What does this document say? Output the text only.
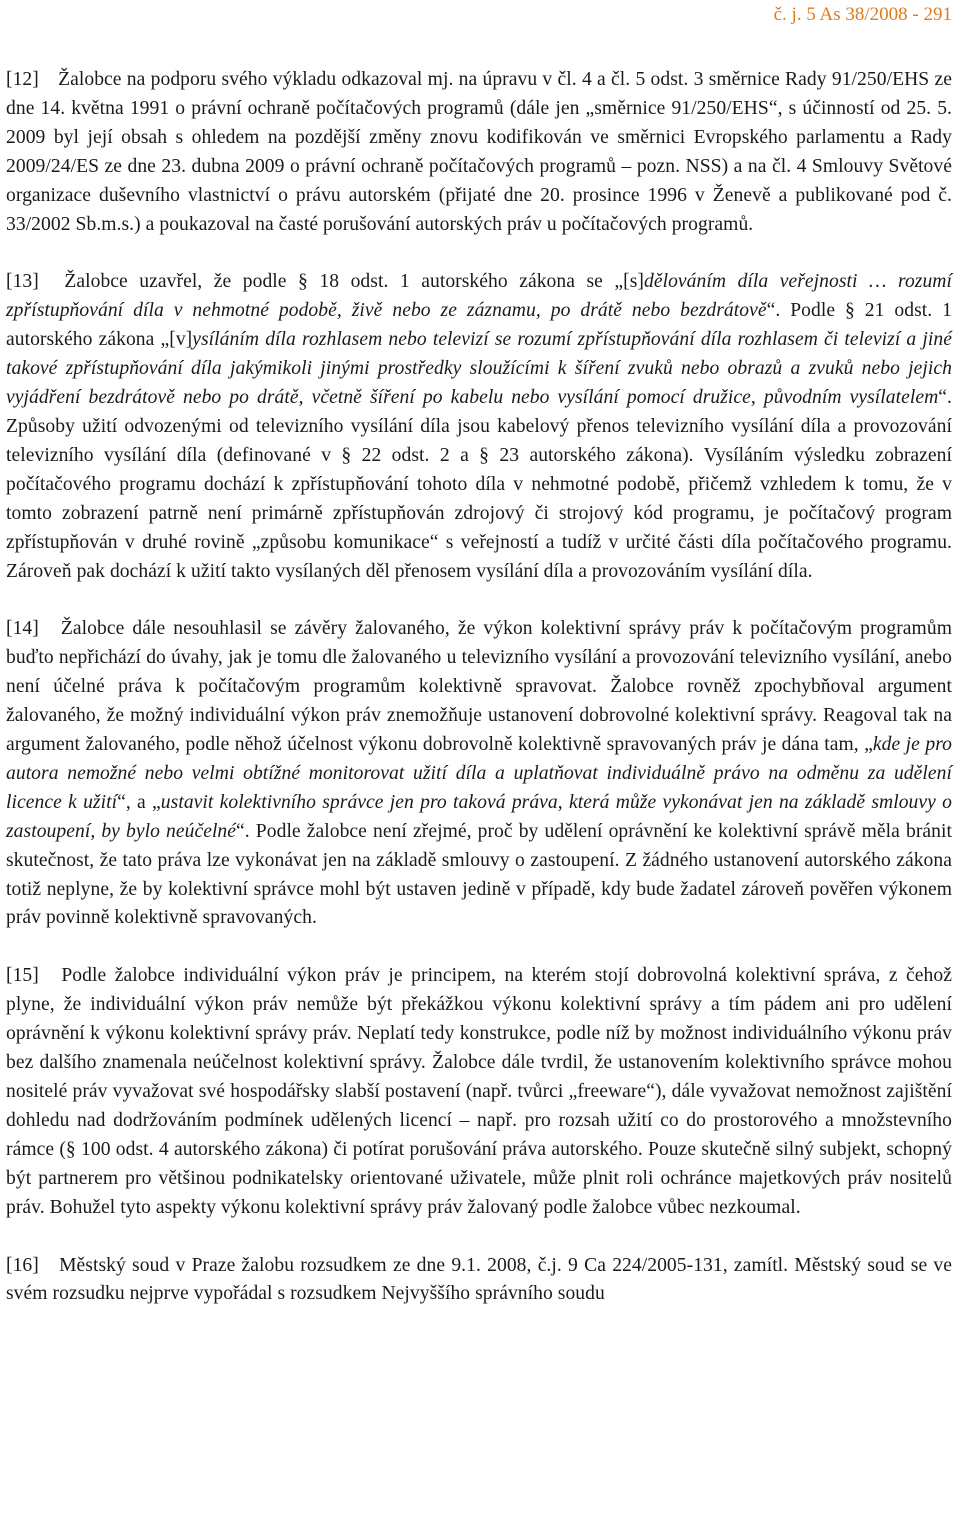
č. j. 5 As 38/2008 - 291

[12] Žalobce na podporu svého výkladu odkazoval mj. na úpravu v čl. 4 a čl. 5 odst. 3 směrnice Rady 91/250/EHS ze dne 14. května 1991 o právní ochraně počítačových programů (dále jen „směrnice 91/250/EHS“, s účinností od 25. 5. 2009 byl její obsah s ohledem na pozdější změny znovu kodifikován ve směrnici Evropského parlamentu a Rady 2009/24/ES ze dne 23. dubna 2009 o právní ochraně počítačových programů – pozn. NSS) a na čl. 4 Smlouvy Světové organizace duševního vlastnictví o právu autorském (přijaté dne 20. prosince 1996 v Ženevě a publikované pod č. 33/2002 Sb.m.s.) a poukazoval na časté porušování autorských práv u počítačových programů.

[13] Žalobce uzavřel, že podle § 18 odst. 1 autorského zákona se „[s]dělováním díla veřejnosti … rozumí zpřístupňování díla v nehmotné podobě, živě nebo ze záznamu, po drátě nebo bezdrátově“. Podle § 21 odst. 1 autorského zákona „[v]ysíláním díla rozhlasem nebo televizí se rozumí zpřístupňování díla rozhlasem či televizí a jiné takové zpřístupňování díla jakýmikoli jinými prostředky sloužícími k šíření zvuků nebo obrazů a zvuků nebo jejich vyjádření bezdrátově nebo po drátě, včetně šíření po kabelu nebo vysílání pomocí družice, původním vysílatelem“. Způsoby užití odvozenými od televizního vysílání díla jsou kabelový přenos televizního vysílání díla a provozování televizního vysílání díla (definované v § 22 odst. 2 a § 23 autorského zákona). Vysíláním výsledku zobrazení počítačového programu dochází k zpřístupňování tohoto díla v nehmotné podobě, přičemž vzhledem k tomu, že v tomto zobrazení patrně není primárně zpřístupňován zdrojový či strojový kód programu, je počítačový program zpřístupňován v druhé rovině „způsobu komunikace“ s veřejností a tudíž v určité části díla počítačového programu. Zároveň pak dochází k užití takto vysílaných děl přenosem vysílání díla a provozováním vysílání díla.

[14] Žalobce dále nesouhlasil se závěry žalovaného, že výkon kolektivní správy práv k počítačovým programům buďto nepřichází do úvahy, jak je tomu dle žalovaného u televizního vysílání a provozování televizního vysílání, anebo není účelné práva k počítačovým programům kolektivně spravovat. Žalobce rovněž zpochybňoval argument žalovaného, že možný individuální výkon práv znemožňuje ustanovení dobrovolné kolektivní správy. Reagoval tak na argument žalovaného, podle něhož účelnost výkonu dobrovolně kolektivně spravovaných práv je dána tam, „kde je pro autora nemožné nebo velmi obtížné monitorovat užití díla a uplatňovat individuálně právo na odměnu za udělení licence k užití“, a „ustavit kolektivního správce jen pro taková práva, která může vykonávat jen na základě smlouvy o zastoupení, by bylo neúčelné“. Podle žalobce není zřejmé, proč by udělení oprávnění ke kolektivní správě měla bránit skutečnost, že tato práva lze vykonávat jen na základě smlouvy o zastoupení. Z žádného ustanovení autorského zákona totiž neplyne, že by kolektivní správce mohl být ustaven jedině v případě, kdy bude žadatel zároveň pověřen výkonem práv povinně kolektivně spravovaných.

[15] Podle žalobce individuální výkon práv je principem, na kterém stojí dobrovolná kolektivní správa, z čehož plyne, že individuální výkon práv nemůže být překážkou výkonu kolektivní správy a tím pádem ani pro udělení oprávnění k výkonu kolektivní správy práv. Neplatí tedy konstrukce, podle níž by možnost individuálního výkonu práv bez dalšího znamenala neúčelnost kolektivní správy. Žalobce dále tvrdil, že ustanovením kolektivního správce mohou nositelé práv vyvažovat své hospodářsky slabší postavení (např. tvůrci „freeware“), dále vyvažovat nemožnost zajištění dohledu nad dodržováním podmínek udělených licencí – např. pro rozsah užití co do prostorového a množstevního rámce (§ 100 odst. 4 autorského zákona) či potírat porušování práva autorského. Pouze skutečně silný subjekt, schopný být partnerem pro většinou podnikatelsky orientované uživatele, může plnit roli ochránce majetkových práv nositelů práv. Bohužel tyto aspekty výkonu kolektivní správy práv žalovaný podle žalobce vůbec nezkoumal.

[16] Městský soud v Praze žalobu rozsudkem ze dne 9.1. 2008, č.j. 9 Ca 224/2005-131, zamítl. Městský soud se ve svém rozsudku nejprve vypořádal s rozsudkem Nejvyššího správního soudu
